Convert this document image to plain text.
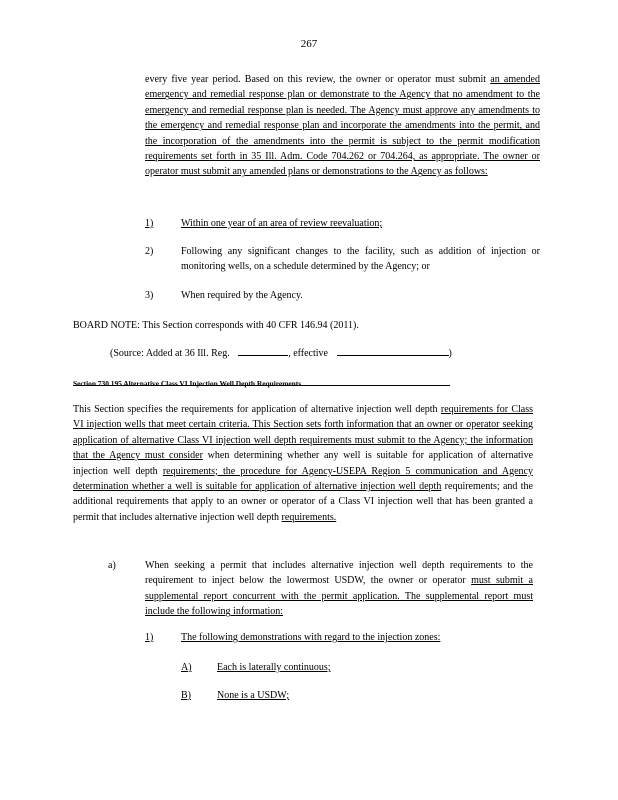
267
every five year period. Based on this review, the owner or operator must submit an amended emergency and remedial response plan or demonstrate to the Agency that no amendment to the emergency and remedial response plan is needed. The Agency must approve any amendments to the emergency and remedial response plan and incorporate the amendments into the permit, and the incorporation of the amendments into the permit is subject to the permit modification requirements set forth in 35 Ill. Adm. Code 704.262 or 704.264, as appropriate. The owner or operator must submit any amended plans or demonstrations to the Agency as follows:
1)	Within one year of an area of review reevaluation;
2)	Following any significant changes to the facility, such as addition of injection or monitoring wells, on a schedule determined by the Agency; or
3)	When required by the Agency.
BOARD NOTE: This Section corresponds with 40 CFR 146.94 (2011).
(Source: Added at 36 Ill. Reg.	, effective	)
Section 730.195 Alternative Class VI Injection Well Depth Requirements
This Section specifies the requirements for application of alternative injection well depth requirements for Class VI injection wells that meet certain criteria. This Section sets forth information that an owner or operator seeking application of alternative Class VI injection well depth requirements must submit to the Agency; the information that the Agency must consider when determining whether any well is suitable for application of alternative injection well depth requirements; the procedure for Agency-USEPA Region 5 communication and Agency determination whether a well is suitable for application of alternative injection well depth requirements; and the additional requirements that apply to an owner or operator of a Class VI injection well that has been granted a permit that includes alternative injection well depth requirements.
a)	When seeking a permit that includes alternative injection well depth requirements to the requirement to inject below the lowermost USDW, the owner or operator must submit a supplemental report concurrent with the permit application. The supplemental report must include the following information:
1)	The following demonstrations with regard to the injection zones:
A)	Each is laterally continuous;
B)	None is a USDW;
